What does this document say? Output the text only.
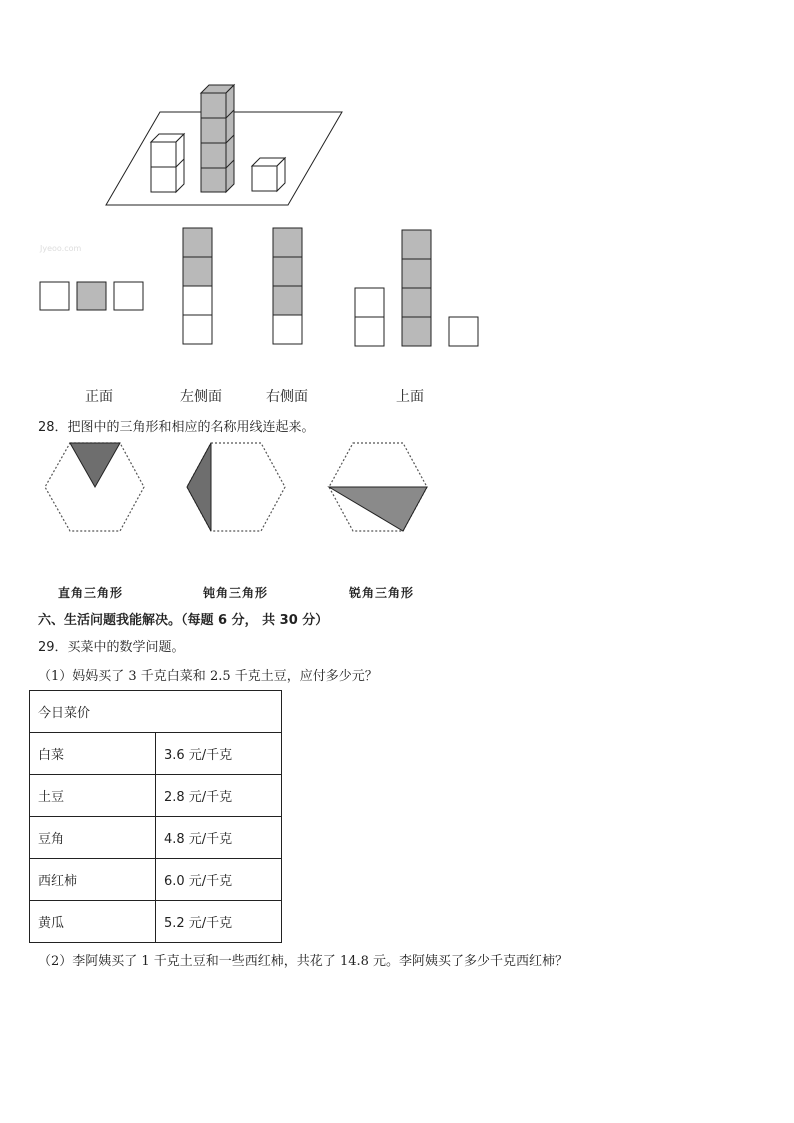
Jyeoo.com
正面	左侧面	右侧面	上面
28．把图中的三角形和相应的名称用线连起来。
直角三角形	钝角三角形	锐角三角形
六、生活问题我能解决。（每题 6 分， 共 30 分）
29．买菜中的数学问题。
（1）妈妈买了 3 千克白菜和 2.5 千克土豆，应付多少元？
今日菜价	
白菜	3.6 元/千克
土豆	2.8 元/千克
豆角	4.8 元/千克
西红柿	6.0 元/千克
黄瓜	5.2 元/千克
（2）李阿姨买了 1 千克土豆和一些西红柿，共花了 14.8 元。李阿姨买了多少千克西红柿？
